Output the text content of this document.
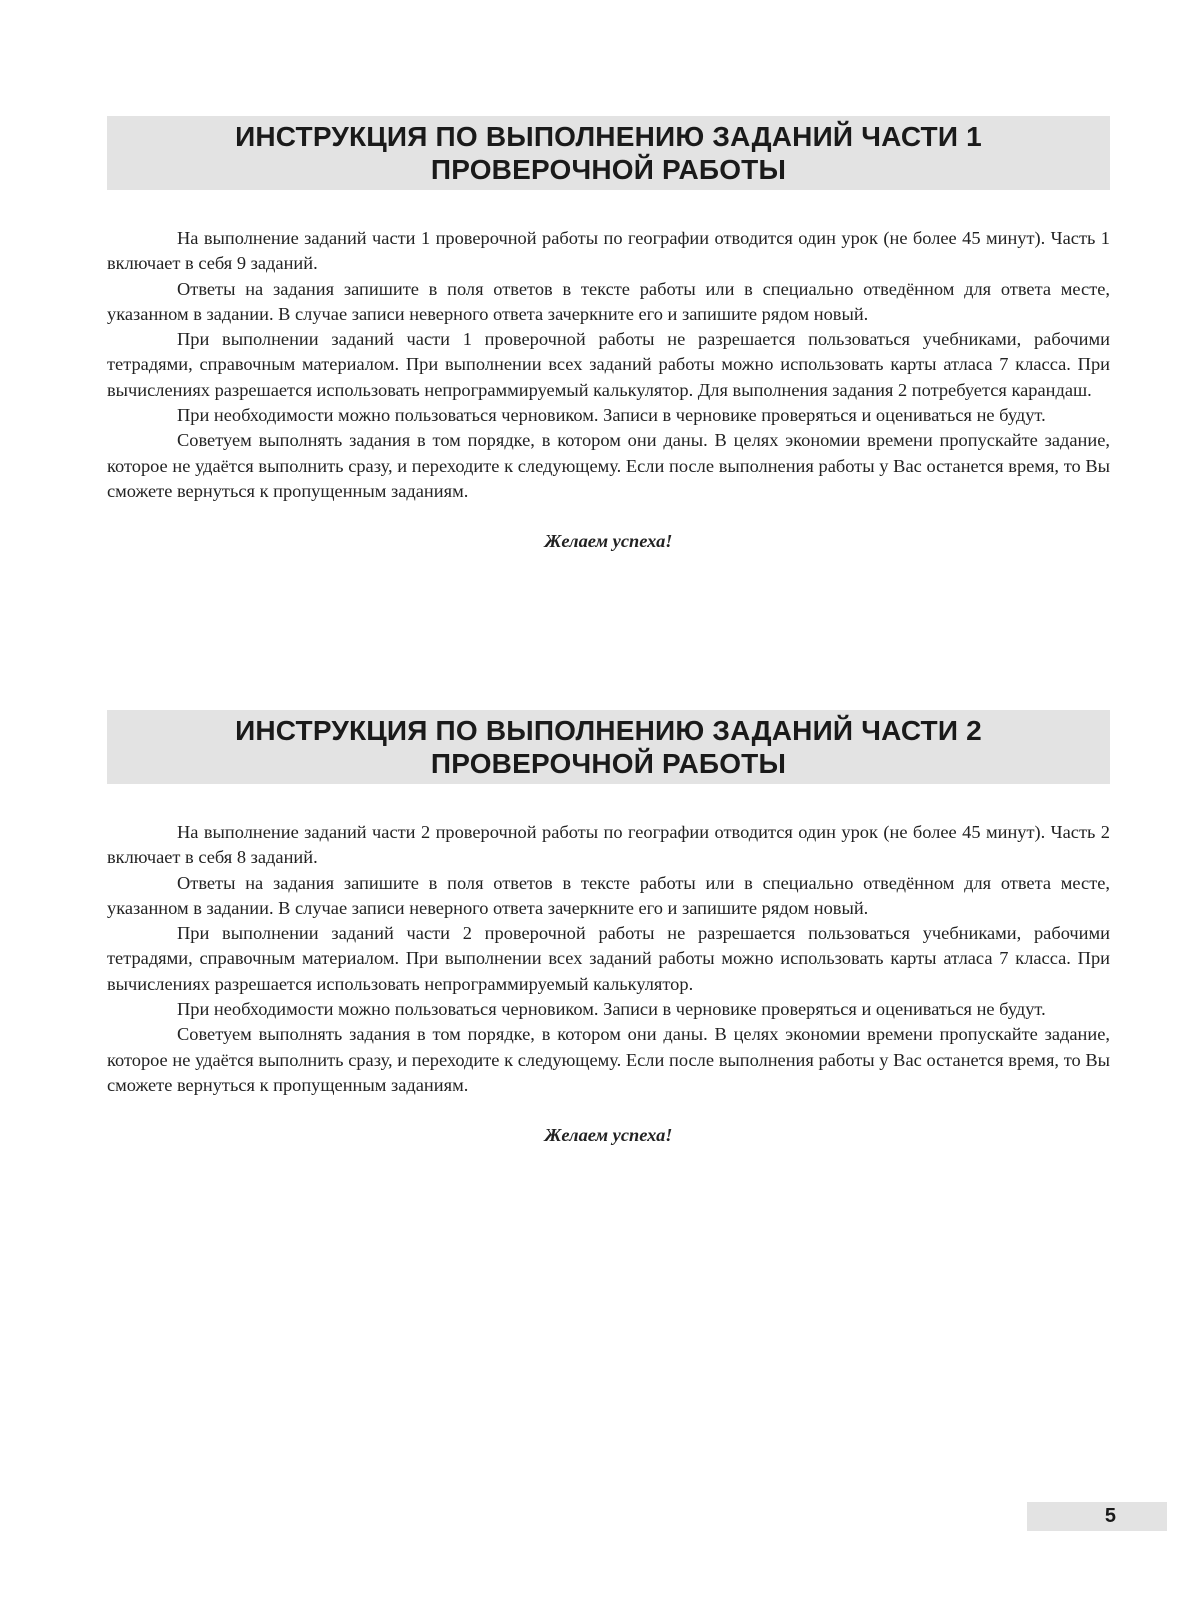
ИНСТРУКЦИЯ ПО ВЫПОЛНЕНИЮ ЗАДАНИЙ ЧАСТИ 1
ПРОВЕРОЧНОЙ РАБОТЫ

На выполнение заданий части 1 проверочной работы по географии отводится один урок (не более 45 минут). Часть 1 включает в себя 9 заданий.

Ответы на задания запишите в поля ответов в тексте работы или в специально отведённом для ответа месте, указанном в задании. В случае записи неверного ответа зачеркните его и запишите рядом новый.

При выполнении заданий части 1 проверочной работы не разрешается пользоваться учебниками, рабочими тетрадями, справочным материалом. При выполнении всех заданий работы можно использовать карты атласа 7 класса. При вычислениях разрешается использовать непрограммируемый калькулятор. Для выполнения задания 2 потребуется карандаш.

При необходимости можно пользоваться черновиком. Записи в черновике проверяться и оцениваться не будут.

Советуем выполнять задания в том порядке, в котором они даны. В целях экономии времени пропускайте задание, которое не удаётся выполнить сразу, и переходите к следующему. Если после выполнения работы у Вас останется время, то Вы сможете вернуться к пропущенным заданиям.

Желаем успеха!
ИНСТРУКЦИЯ ПО ВЫПОЛНЕНИЮ ЗАДАНИЙ ЧАСТИ 2
ПРОВЕРОЧНОЙ РАБОТЫ

На выполнение заданий части 2 проверочной работы по географии отводится один урок (не более 45 минут). Часть 2 включает в себя 8 заданий.

Ответы на задания запишите в поля ответов в тексте работы или в специально отведённом для ответа месте, указанном в задании. В случае записи неверного ответа зачеркните его и запишите рядом новый.

При выполнении заданий части 2 проверочной работы не разрешается пользоваться учебниками, рабочими тетрадями, справочным материалом. При выполнении всех заданий работы можно использовать карты атласа 7 класса. При вычислениях разрешается использовать непрограммируемый калькулятор.

При необходимости можно пользоваться черновиком. Записи в черновике проверяться и оцениваться не будут.

Советуем выполнять задания в том порядке, в котором они даны. В целях экономии времени пропускайте задание, которое не удаётся выполнить сразу, и переходите к следующему. Если после выполнения работы у Вас останется время, то Вы сможете вернуться к пропущенным заданиям.

Желаем успеха!
5
